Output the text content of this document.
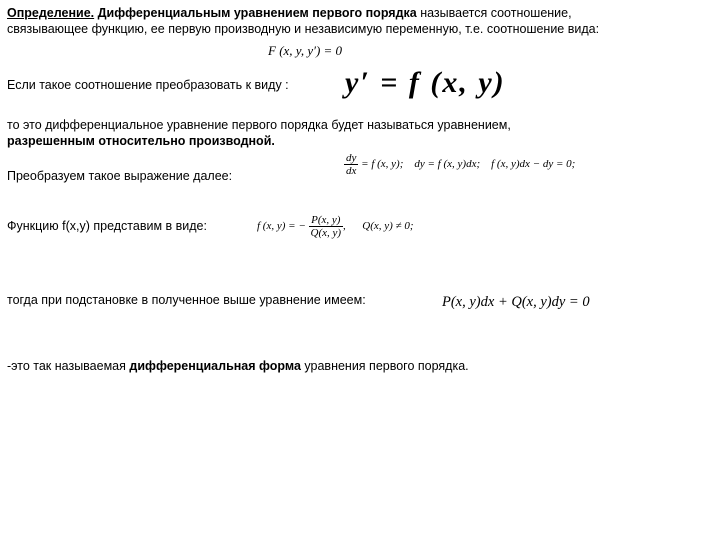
Определение. Дифференциальным уравнением первого порядка называется соотношение,
связывающее функцию, ее первую производную и независимую переменную, т.е. соотношение вида:
F (x, y, y′) = 0
Если такое соотношение преобразовать к виду : y′ = f (x, y)
то это дифференциальное уравнение первого порядка будет называться уравнением,
разрешенным относительно производной.
Преобразуем такое выражение далее:	$\frac{dy}{dx} = f$ (x, y); dy = f (x, y)dx; f (x, y)dx − dy = 0;
Функцию f(x,y) представим в виде:	f (x, y) = − $\frac{P(x, y)}{Q(x, y)}$ ,      Q(x, y) ≠ 0;
тогда при подстановке в полученное выше уравнение имеем:	P(x, y)dx + Q(x, y)dy = 0
-это так называемая дифференциальная форма уравнения первого порядка.
